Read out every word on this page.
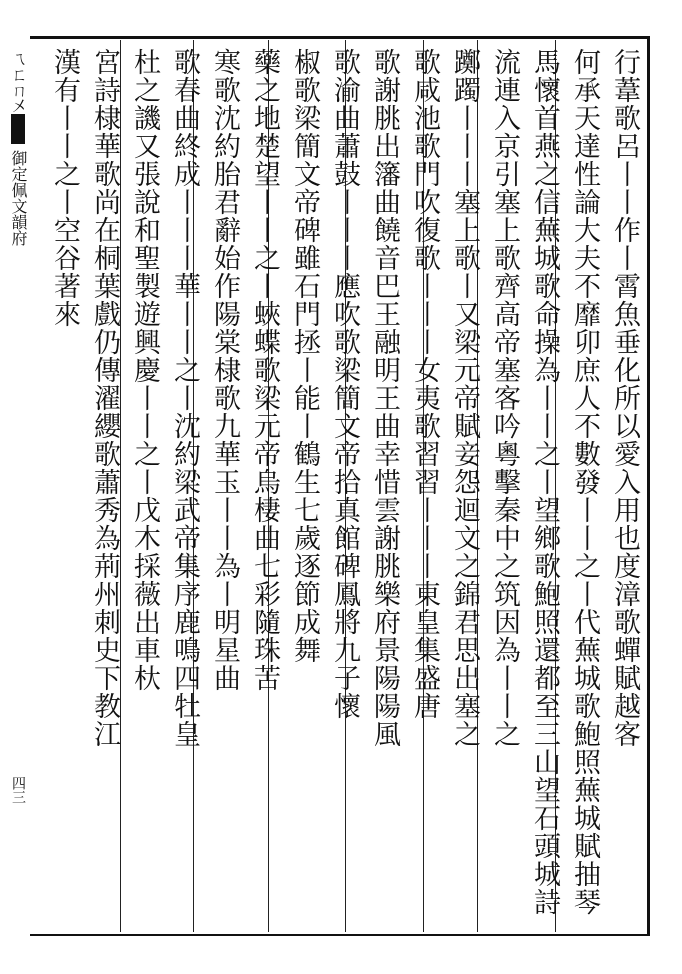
行葦歌呂丨丨作丨霄魚垂化所以愛入用也度漳歌蟬賦越客
何承天達性論大夫不靡卯庶人不數發丨丨之丨代蕪城歌鮑照蕪城賦抽琴
馬懷首燕之信蕪城歌命操為丨丨之丨望鄉歌鮑照還都至三山望石頭城詩
流連入京引塞上歌齊高帝塞客吟粵擊秦中之筑因為丨丨之
躑躅丨丨丨塞上歌丨又梁元帝賦妾怨迴文之錦君思出塞之
歌咸池歌門吹復歌丨丨丨女夷歌習習丨丨丨東皇集盛唐
歌謝朓出籓曲饒音巴王融明王曲幸惜雲謝朓樂府景陽陽風
歌渝曲蕭鼓丨丨丨應吹歌梁簡文帝拾真館碑鳳將九子懷
椒歌梁簡文帝碑雖石門拯丨能丨鶴生七歲逐節成舞
藥之地楚望丨丨之丨蛺蝶歌梁元帝烏棲曲七彩隨珠苦
寒歌沈約胎君辭始作陽棠棣歌九華玉丨丨為丨明星曲
歌春曲終成丨丨丨華丨丨之丨沈約梁武帝集序鹿鳴四牡皇
杜之譏又張說和聖製遊興慶丨丨之丨戊木採薇出車杕
宮詩棣華歌尚在桐葉戲仍傳濯纓歌蕭秀為荊州刺史下教江
漢有丨丨之丨空谷著來
ㄟㄈㄇ㐅御定佩文韻府
四三
